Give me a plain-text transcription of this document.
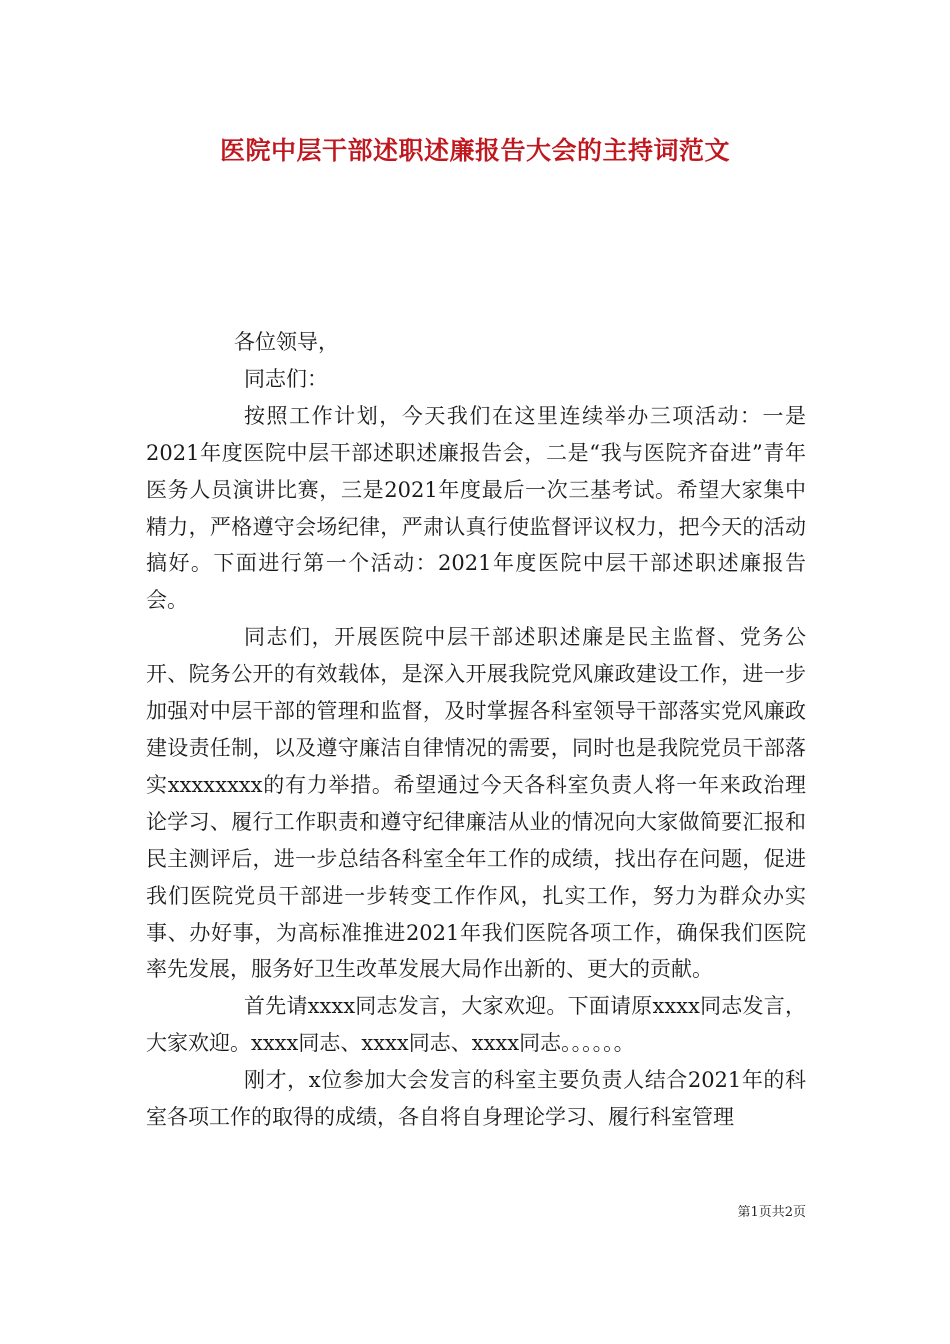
医院中层干部述职述廉报告大会的主持词范文

各位领导，

同志们：

按照工作计划，今天我们在这里连续举办三项活动：一是2021年度医院中层干部述职述廉报告会，二是“我与医院齐奋进”青年医务人员演讲比赛，三是2021年度最后一次三基考试。希望大家集中精力，严格遵守会场纪律，严肃认真行使监督评议权力，把今天的活动搞好。下面进行第一个活动：2021年度医院中层干部述职述廉报告会。

同志们，开展医院中层干部述职述廉是民主监督、党务公开、院务公开的有效载体，是深入开展我院党风廉政建设工作，进一步加强对中层干部的管理和监督，及时掌握各科室领导干部落实党风廉政建设责任制，以及遵守廉洁自律情况的需要，同时也是我院党员干部落实xxxxxxxx的有力举措。希望通过今天各科室负责人将一年来政治理论学习、履行工作职责和遵守纪律廉洁从业的情况向大家做简要汇报和民主测评后，进一步总结各科室全年工作的成绩，找出存在问题，促进我们医院党员干部进一步转变工作作风，扎实工作，努力为群众办实事、办好事，为高标准推进2021年我们医院各项工作，确保我们医院率先发展，服务好卫生改革发展大局作出新的、更大的贡献。

首先请xxxx同志发言，大家欢迎。下面请原xxxx同志发言，大家欢迎。xxxx同志、xxxx同志、xxxx同志。。。。。。

刚才，x位参加大会发言的科室主要负责人结合2021年的科室各项工作的取得的成绩，各自将自身理论学习、履行科室管理

第1页共2页
